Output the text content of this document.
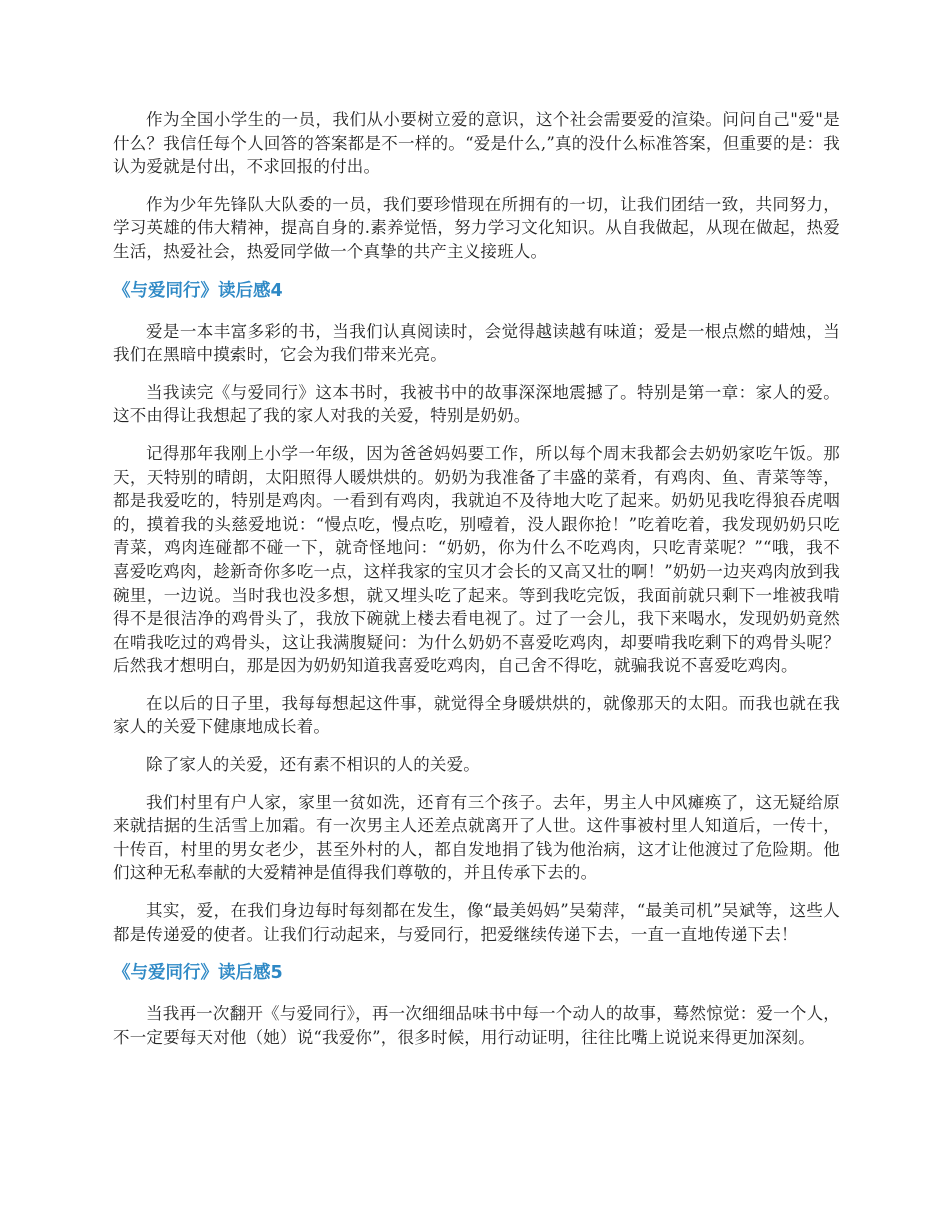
作为全国小学生的一员，我们从小要树立爱的意识，这个社会需要爱的渲染。问问自己"爱"是什么？我信任每个人回答的答案都是不一样的。“爱是什么,”真的没什么标准答案，但重要的是：我认为爱就是付出，不求回报的付出。

作为少年先锋队大队委的一员，我们要珍惜现在所拥有的一切，让我们团结一致，共同努力，学习英雄的伟大精神，提高自身的.素养觉悟，努力学习文化知识。从自我做起，从现在做起，热爱生活，热爱社会，热爱同学做一个真挚的共产主义接班人。

《与爱同行》读后感4

爱是一本丰富多彩的书，当我们认真阅读时，会觉得越读越有味道；爱是一根点燃的蜡烛，当我们在黑暗中摸索时，它会为我们带来光亮。

当我读完《与爱同行》这本书时，我被书中的故事深深地震撼了。特别是第一章：家人的爱。这不由得让我想起了我的家人对我的关爱，特别是奶奶。

记得那年我刚上小学一年级，因为爸爸妈妈要工作，所以每个周末我都会去奶奶家吃午饭。那天，天特别的晴朗，太阳照得人暖烘烘的。奶奶为我准备了丰盛的菜肴，有鸡肉、鱼、青菜等等，都是我爱吃的，特别是鸡肉。一看到有鸡肉，我就迫不及待地大吃了起来。奶奶见我吃得狼吞虎咽的，摸着我的头慈爱地说：“慢点吃，慢点吃，别噎着，没人跟你抢！”吃着吃着，我发现奶奶只吃青菜，鸡肉连碰都不碰一下，就奇怪地问：“奶奶，你为什么不吃鸡肉，只吃青菜呢？”“哦，我不喜爱吃鸡肉，趁新奇你多吃一点，这样我家的宝贝才会长的又高又壮的啊！”奶奶一边夹鸡肉放到我碗里，一边说。当时我也没多想，就又埋头吃了起来。等到我吃完饭，我面前就只剩下一堆被我啃得不是很洁净的鸡骨头了，我放下碗就上楼去看电视了。过了一会儿，我下来喝水，发现奶奶竟然在啃我吃过的鸡骨头，这让我满腹疑问：为什么奶奶不喜爱吃鸡肉，却要啃我吃剩下的鸡骨头呢？后然我才想明白，那是因为奶奶知道我喜爱吃鸡肉，自己舍不得吃，就骗我说不喜爱吃鸡肉。

在以后的日子里，我每每想起这件事，就觉得全身暖烘烘的，就像那天的太阳。而我也就在我家人的关爱下健康地成长着。

除了家人的关爱，还有素不相识的人的关爱。

我们村里有户人家，家里一贫如洗，还育有三个孩子。去年，男主人中风瘫痪了，这无疑给原来就拮据的生活雪上加霜。有一次男主人还差点就离开了人世。这件事被村里人知道后，一传十，十传百，村里的男女老少，甚至外村的人，都自发地捐了钱为他治病，这才让他渡过了危险期。他们这种无私奉献的大爱精神是值得我们尊敬的，并且传承下去的。

其实，爱，在我们身边每时每刻都在发生，像“最美妈妈”吴菊萍，“最美司机”吴斌等，这些人都是传递爱的使者。让我们行动起来，与爱同行，把爱继续传递下去，一直一直地传递下去！

《与爱同行》读后感5

当我再一次翻开《与爱同行》，再一次细细品味书中每一个动人的故事，蓦然惊觉：爱一个人，不一定要每天对他（她）说“我爱你”，很多时候，用行动证明，往往比嘴上说说来得更加深刻。
